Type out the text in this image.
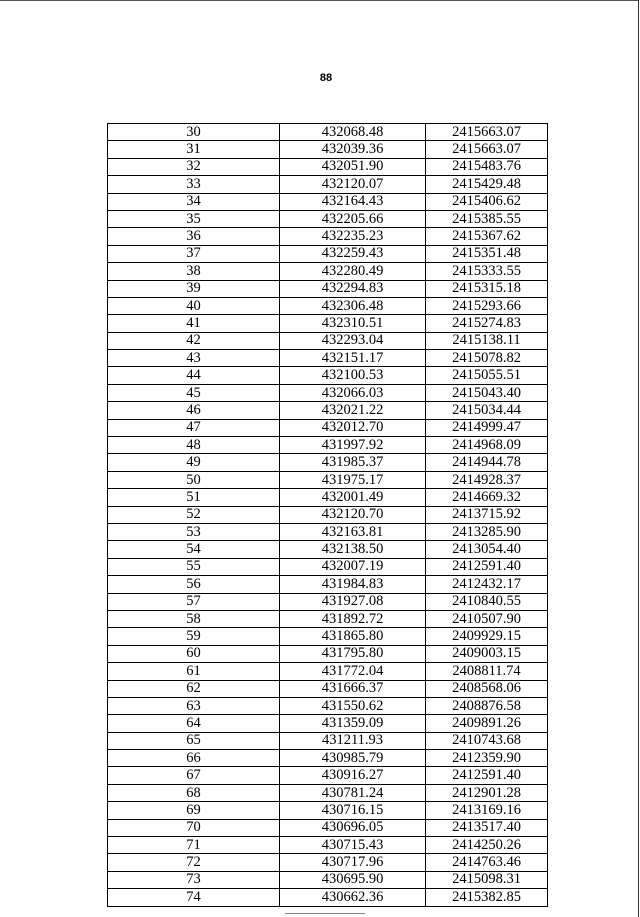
88
30	432068.48	2415663.07
31	432039.36	2415663.07
32	432051.90	2415483.76
33	432120.07	2415429.48
34	432164.43	2415406.62
35	432205.66	2415385.55
36	432235.23	2415367.62
37	432259.43	2415351.48
38	432280.49	2415333.55
39	432294.83	2415315.18
40	432306.48	2415293.66
41	432310.51	2415274.83
42	432293.04	2415138.11
43	432151.17	2415078.82
44	432100.53	2415055.51
45	432066.03	2415043.40
46	432021.22	2415034.44
47	432012.70	2414999.47
48	431997.92	2414968.09
49	431985.37	2414944.78
50	431975.17	2414928.37
51	432001.49	2414669.32
52	432120.70	2413715.92
53	432163.81	2413285.90
54	432138.50	2413054.40
55	432007.19	2412591.40
56	431984.83	2412432.17
57	431927.08	2410840.55
58	431892.72	2410507.90
59	431865.80	2409929.15
60	431795.80	2409003.15
61	431772.04	2408811.74
62	431666.37	2408568.06
63	431550.62	2408876.58
64	431359.09	2409891.26
65	431211.93	2410743.68
66	430985.79	2412359.90
67	430916.27	2412591.40
68	430781.24	2412901.28
69	430716.15	2413169.16
70	430696.05	2413517.40
71	430715.43	2414250.26
72	430717.96	2414763.46
73	430695.90	2415098.31
74	430662.36	2415382.85
